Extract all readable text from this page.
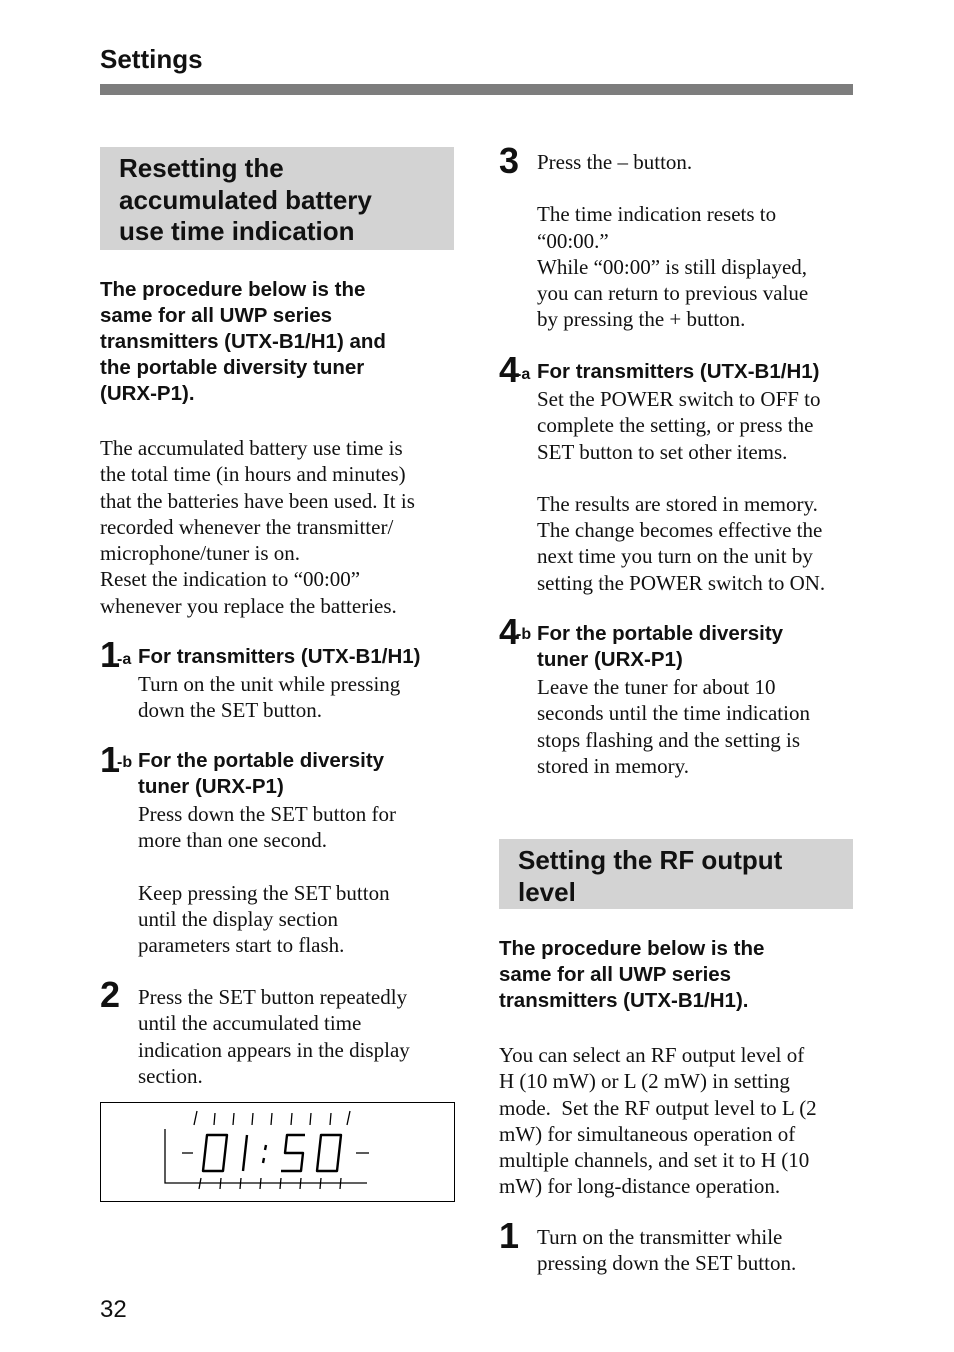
Settings
Resetting the
accumulated battery
use time indication
The procedure below is the
same for all UWP series
transmitters (UTX-B1/H1) and
the portable diversity tuner
(URX-P1).
The accumulated battery use time is
the total time (in hours and minutes)
that the batteries have been used. It is
recorded whenever the transmitter/
microphone/tuner is on.
Reset the indication to “00:00”
whenever you replace the batteries.
1
-a For transmitters (UTX-B1/H1)
Turn on the unit while pressing
down the SET button.
1
-b For the portable diversity
tuner (URX-P1)
Press down the SET button for
more than one second.
Keep pressing the SET button
until the display section
parameters start to flash.
2 Press the SET button repeatedly
until the accumulated time
indication appears in the display
section.
3 Press the – button.
The time indication resets to
“00:00.”
While “00:00” is still displayed,
you can return to previous value
by pressing the + button.
4
-a For transmitters (UTX-B1/H1)
Set the POWER switch to OFF to
complete the setting, or press the
SET button to set other items.
The results are stored in memory.
The change becomes effective the
next time you turn on the unit by
setting the POWER switch to ON.
4
-b For the portable diversity
tuner (URX-P1)
Leave the tuner for about 10
seconds until the time indication
stops flashing and the setting is
stored in memory.
Setting the RF output
level
The procedure below is the
same for all UWP series
transmitters (UTX-B1/H1).
You can select an RF output level of
H (10 mW) or L (2 mW) in setting
mode.  Set the RF output level to L (2
mW) for simultaneous operation of
multiple channels, and set it to H (10
mW) for long-distance operation.
1 Turn on the transmitter while
pressing down the SET button.
32
